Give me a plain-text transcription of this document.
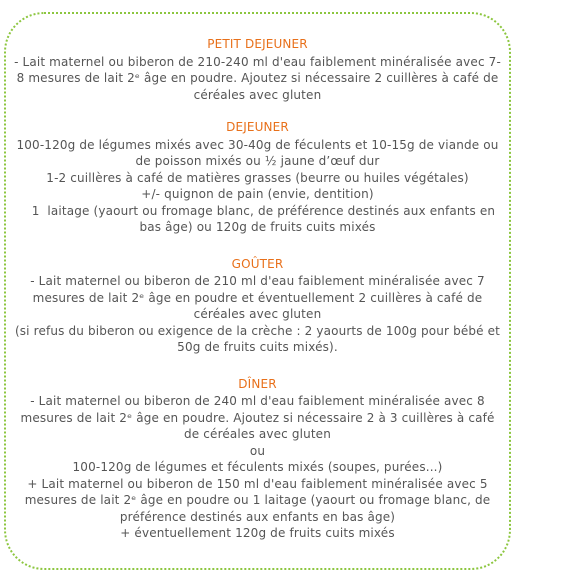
PETIT DEJEUNER
- Lait maternel ou biberon de 210-240 ml d'eau faiblement minéralisée avec 7-8 mesures de lait 2ᵉ âge en poudre. Ajoutez si nécessaire 2 cuillères à café de céréales avec gluten
DEJEUNER
100-120g de légumes mixés avec 30-40g de féculents et 10-15g de viande ou de poisson mixés ou ½ jaune d’œuf dur
1-2 cuillères à café de matières grasses (beurre ou huiles végétales)
+/- quignon de pain (envie, dentition)
1  laitage (yaourt ou fromage blanc, de préférence destinés aux enfants en bas âge) ou 120g de fruits cuits mixés
GOÛTER
- Lait maternel ou biberon de 210 ml d'eau faiblement minéralisée avec 7 mesures de lait 2ᵉ âge en poudre et éventuellement 2 cuillères à café de céréales avec gluten
(si refus du biberon ou exigence de la crèche : 2 yaourts de 100g pour bébé et 50g de fruits cuits mixés).
DÎNER
- Lait maternel ou biberon de 240 ml d'eau faiblement minéralisée avec 8 mesures de lait 2ᵉ âge en poudre. Ajoutez si nécessaire 2 à 3 cuillères à café de céréales avec gluten
ou
100-120g de légumes et féculents mixés (soupes, purées...)
+ Lait maternel ou biberon de 150 ml d'eau faiblement minéralisée avec 5 mesures de lait 2ᵉ âge en poudre ou 1 laitage (yaourt ou fromage blanc, de préférence destinés aux enfants en bas âge)
+ éventuellement 120g de fruits cuits mixés
